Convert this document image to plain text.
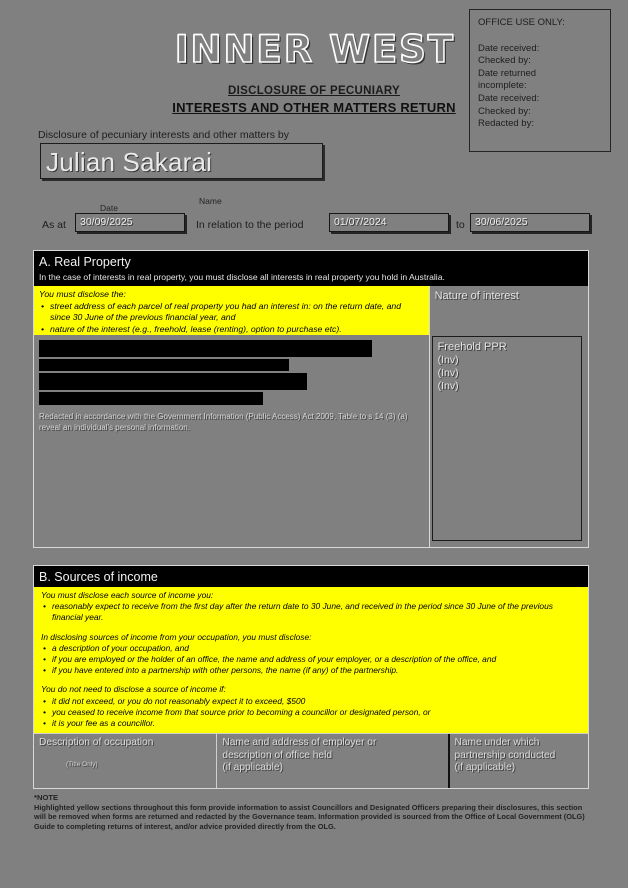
INNER WEST
DISCLOSURE OF PECUNIARY
INTERESTS AND OTHER MATTERS RETURN
OFFICE USE ONLY:
Date received:
Checked by:
Date returned
incomplete:
Date received:
Checked by:
Redacted by:
Disclosure of pecuniary interests and other matters by
Julian Sakarai
Name
Date
As at 30/09/2025	In relation to the period	01/07/2024	to 30/06/2025
A. Real Property
In the case of interests in real property, you must disclose all interests in real property you hold in Australia.
You must disclose the:
• street address of each parcel of real property you had an interest in: on the return date, and since 30 June of the previous financial year, and
• nature of the interest (e.g., freehold, lease (renting), option to purchase etc).
Redacted in accordance with the Government Information (Public Access) Act 2009, Table to s 14 (3) (a) reveal an individual's personal information.
Nature of interest
Freehold PPR
(Inv)
(Inv)
(Inv)
B. Sources of income

You must disclose each source of income you:

• reasonably expect to receive from the first day after the return date to 30 June, and received in the period since 30 June of the previous financial year.

In disclosing sources of income from your occupation, you must disclose:

• a description of your occupation, and
• if you are employed or the holder of an office, the name and address of your employer, or a description of the office, and
• if you have entered into a partnership with other persons, the name (if any) of the partnership.

You do not need to disclose a source of income if:

• it did not exceed, or you do not reasonably expect it to exceed, $500
• you ceased to receive income from that source prior to becoming a councillor or designated person, or
• it is your fee as a councillor.
Description of occupation
(Title Only)
Name and address of employer or
description of office held
(if applicable)
Name under which
partnership conducted
(if applicable)
*NOTE
Highlighted yellow sections throughout this form provide information to assist Councillors and Designated Officers preparing their disclosures, this section will be removed when forms are returned and redacted by the Governance team. Information provided is sourced from the Office of Local Government (OLG) Guide to completing returns of interest, and/or advice provided directly from the OLG.
